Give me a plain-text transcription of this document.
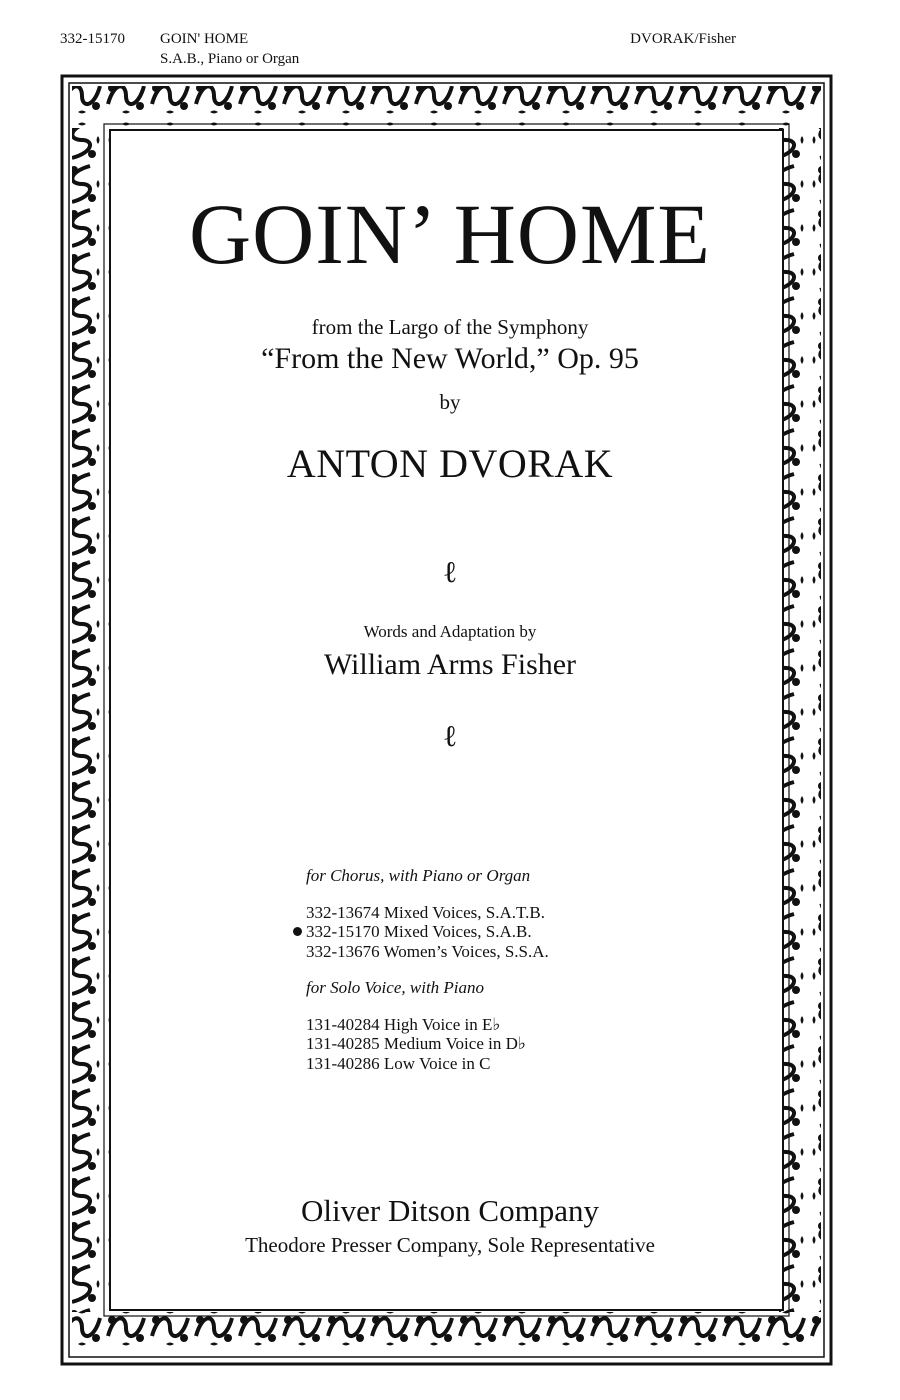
332-15170 GOIN' HOME
S.A.B., Piano or Organ
DVORAK/Fisher
GOIN’ HOME
from the Largo of the Symphony
“From the New World,” Op. 95
by
ANTON DVORAK
ℓ
Words and Adaptation by
William Arms Fisher
ℓ
for Chorus, with Piano or Organ
332-13674 Mixed Voices, S.A.T.B.
332-15170 Mixed Voices, S.A.B.
332-13676 Women’s Voices, S.S.A.
for Solo Voice, with Piano
131-40284 High Voice in E♭
131-40285 Medium Voice in D♭
131-40286 Low Voice in C
Oliver Ditson Company
Theodore Presser Company, Sole Representative
